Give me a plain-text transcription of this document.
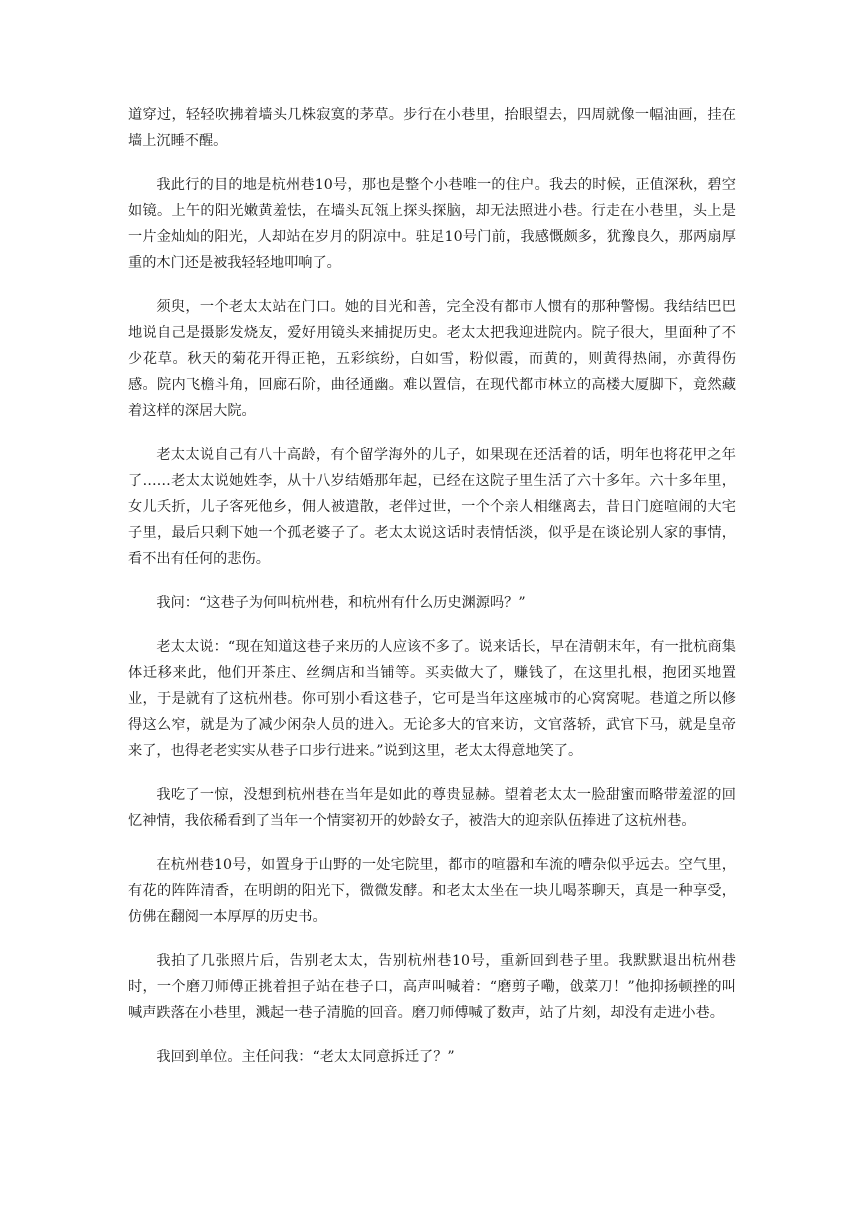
道穿过，轻轻吹拂着墙头几株寂寞的茅草。步行在小巷里，抬眼望去，四周就像一幅油画，挂在墙上沉睡不醒。

我此行的目的地是杭州巷10号，那也是整个小巷唯一的住户。我去的时候，正值深秋，碧空如镜。上午的阳光嫩黄羞怯，在墙头瓦瓴上探头探脑，却无法照进小巷。行走在小巷里，头上是一片金灿灿的阳光，人却站在岁月的阴凉中。驻足10号门前，我感慨颇多，犹豫良久，那两扇厚重的木门还是被我轻轻地叩响了。

须臾，一个老太太站在门口。她的目光和善，完全没有都市人惯有的那种警惕。我结结巴巴地说自己是摄影发烧友，爱好用镜头来捕捉历史。老太太把我迎进院内。院子很大，里面种了不少花草。秋天的菊花开得正艳，五彩缤纷，白如雪，粉似霞，而黄的，则黄得热闹，亦黄得伤感。院内飞檐斗角，回廊石阶，曲径通幽。难以置信，在现代都市林立的高楼大厦脚下，竟然藏着这样的深居大院。

老太太说自己有八十高龄，有个留学海外的儿子，如果现在还活着的话，明年也将花甲之年了……老太太说她姓李，从十八岁结婚那年起，已经在这院子里生活了六十多年。六十多年里，女儿夭折，儿子客死他乡，佣人被遣散，老伴过世，一个个亲人相继离去，昔日门庭喧闹的大宅子里，最后只剩下她一个孤老婆子了。老太太说这话时表情恬淡，似乎是在谈论别人家的事情，看不出有任何的悲伤。

我问：“这巷子为何叫杭州巷，和杭州有什么历史渊源吗？”

老太太说：“现在知道这巷子来历的人应该不多了。说来话长，早在清朝末年，有一批杭商集体迁移来此，他们开茶庄、丝绸店和当铺等。买卖做大了，赚钱了，在这里扎根，抱团买地置业，于是就有了这杭州巷。你可别小看这巷子，它可是当年这座城市的心窝窝呢。巷道之所以修得这么窄，就是为了减少闲杂人员的进入。无论多大的官来访，文官落轿，武官下马，就是皇帝来了，也得老老实实从巷子口步行进来。”说到这里，老太太得意地笑了。

我吃了一惊，没想到杭州巷在当年是如此的尊贵显赫。望着老太太一脸甜蜜而略带羞涩的回忆神情，我依稀看到了当年一个情窦初开的妙龄女子，被浩大的迎亲队伍捧进了这杭州巷。

在杭州巷10号，如置身于山野的一处宅院里，都市的喧嚣和车流的嘈杂似乎远去。空气里，有花的阵阵清香，在明朗的阳光下，微微发酵。和老太太坐在一块儿喝茶聊天，真是一种享受，仿佛在翻阅一本厚厚的历史书。

我拍了几张照片后，告别老太太，告别杭州巷10号，重新回到巷子里。我默默退出杭州巷时，一个磨刀师傅正挑着担子站在巷子口，高声叫喊着：“磨剪子嘞，戗菜刀！”他抑扬顿挫的叫喊声跌落在小巷里，溅起一巷子清脆的回音。磨刀师傅喊了数声，站了片刻，却没有走进小巷。

我回到单位。主任问我：“老太太同意拆迁了？”
